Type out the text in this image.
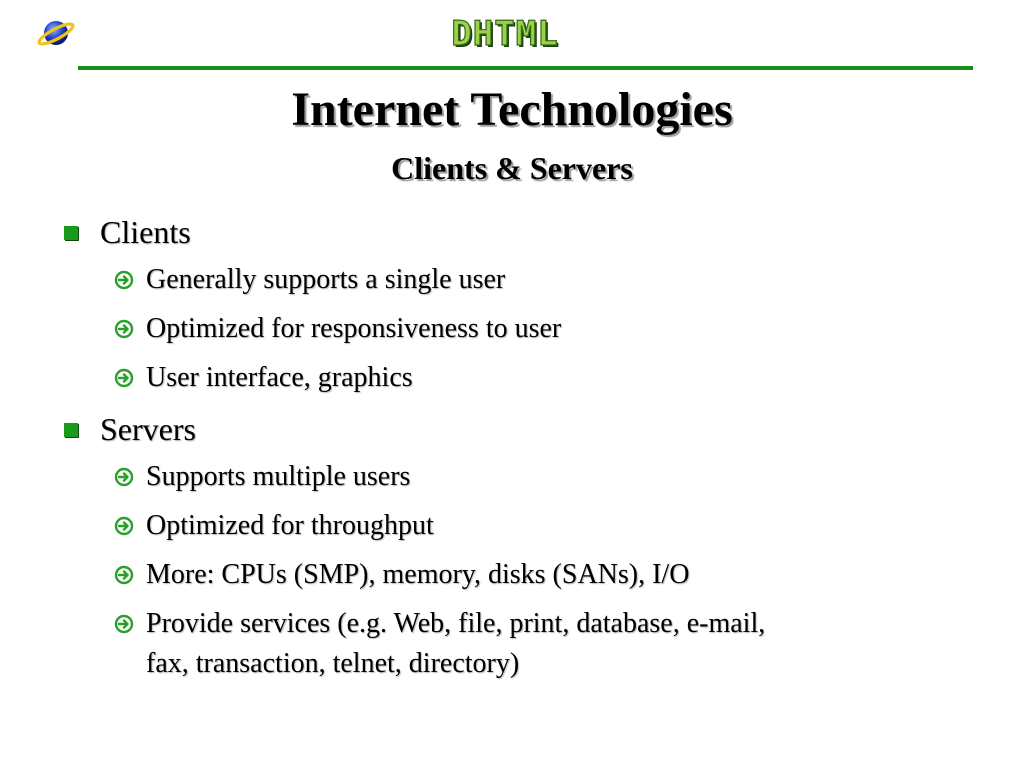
DHTML
Internet Technologies
Clients & Servers
Clients
Generally supports a single user
Optimized for responsiveness to user
User interface, graphics
Servers
Supports multiple users
Optimized for throughput
More: CPUs (SMP), memory, disks (SANs), I/O
Provide services (e.g. Web, file, print, database, e-mail, fax, transaction, telnet, directory)
